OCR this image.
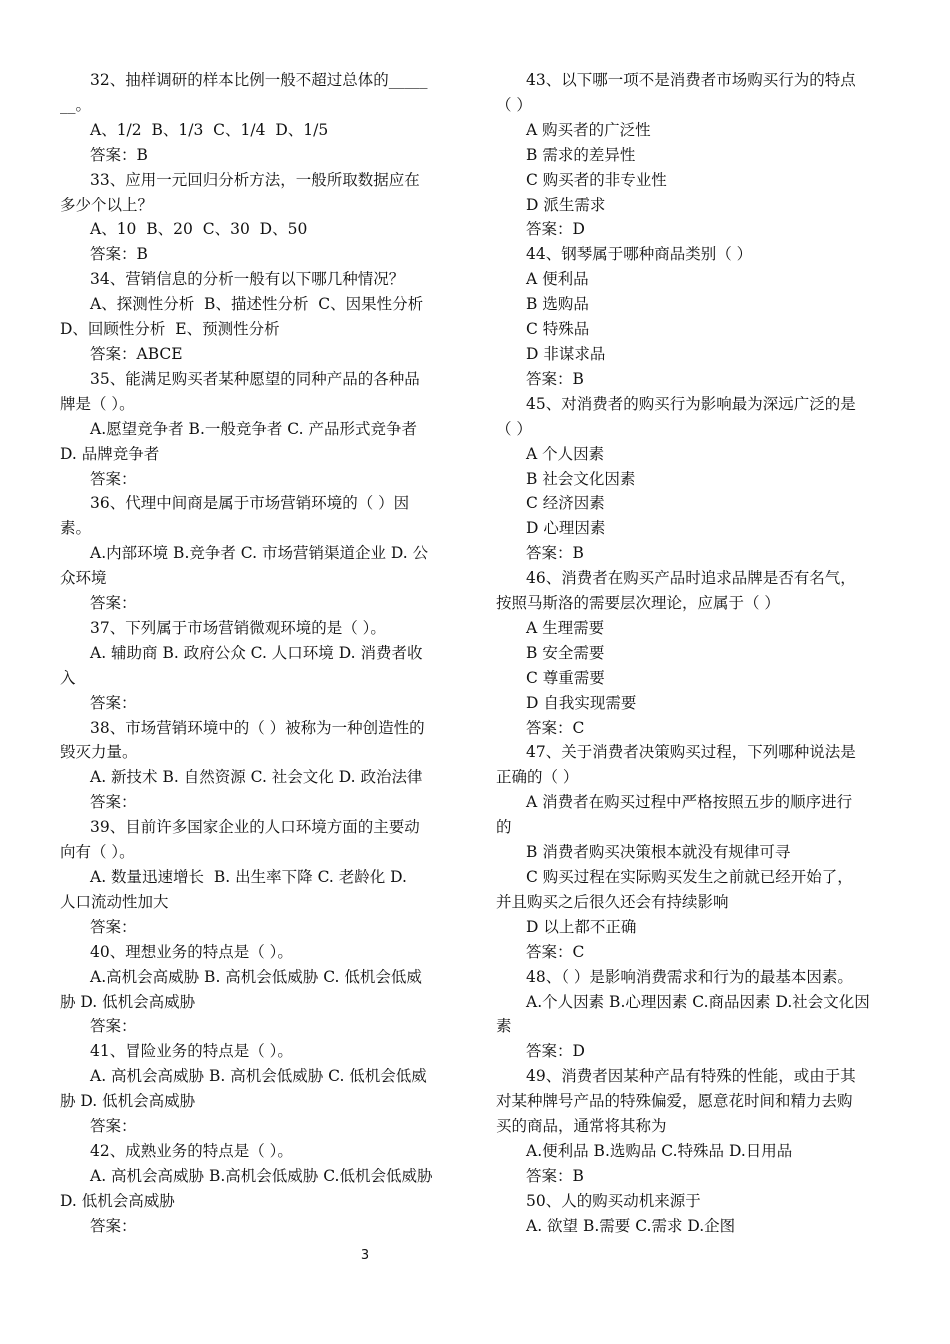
32、抽样调研的样本比例一般不超过总体的_____
__。
A、1/2  B、1/3  C、1/4  D、1/5
答案：B
33、应用一元回归分析方法，一般所取数据应在
多少个以上？
A、10  B、20  C、30  D、50
答案：B
34、营销信息的分析一般有以下哪几种情况？
A、探测性分析  B、描述性分析  C、因果性分析
D、回顾性分析  E、预测性分析
答案：ABCE
35、能满足购买者某种愿望的同种产品的各种品
牌是（ ）。
A.愿望竞争者 B.一般竞争者 C. 产品形式竞争者
D. 品牌竞争者
答案：
36、代理中间商是属于市场营销环境的（ ）因
素。
A.内部环境 B.竞争者 C. 市场营销渠道企业 D. 公
众环境
答案：
37、下列属于市场营销微观环境的是（ ）。
A. 辅助商 B. 政府公众 C. 人口环境 D. 消费者收
入
答案：
38、市场营销环境中的（ ）被称为一种创造性的
毁灭力量。
A. 新技术 B. 自然资源 C. 社会文化 D. 政治法律
答案：
39、目前许多国家企业的人口环境方面的主要动
向有（ ）。
A. 数量迅速增长  B. 出生率下降 C. 老龄化 D.
人口流动性加大
答案：
40、理想业务的特点是（ ）。
A.高机会高威胁 B. 高机会低威胁 C. 低机会低威
胁 D. 低机会高威胁
答案：
41、冒险业务的特点是（ ）。
A. 高机会高威胁 B. 高机会低威胁 C. 低机会低威
胁 D. 低机会高威胁
答案：
42、成熟业务的特点是（ ）。
A. 高机会高威胁 B.高机会低威胁 C.低机会低威胁
D. 低机会高威胁
答案：
43、以下哪一项不是消费者市场购买行为的特点
（ ）
A 购买者的广泛性
B 需求的差异性
C 购买者的非专业性
D 派生需求
答案：D
44、钢琴属于哪种商品类别（ ）
A 便利品
B 选购品
C 特殊品
D 非谋求品
答案：B
45、对消费者的购买行为影响最为深远广泛的是
（ ）
A 个人因素
B 社会文化因素
C 经济因素
D 心理因素
答案：B
46、消费者在购买产品时追求品牌是否有名气，
按照马斯洛的需要层次理论，应属于（ ）
A 生理需要
B 安全需要
C 尊重需要
D 自我实现需要
答案：C
47、关于消费者决策购买过程，下列哪种说法是
正确的（ ）
A 消费者在购买过程中严格按照五步的顺序进行
的
B 消费者购买决策根本就没有规律可寻
C 购买过程在实际购买发生之前就已经开始了，
并且购买之后很久还会有持续影响
D 以上都不正确
答案：C
48、（ ）是影响消费需求和行为的最基本因素。
A.个人因素 B.心理因素 C.商品因素 D.社会文化因
素
答案：D
49、消费者因某种产品有特殊的性能，或由于其
对某种牌号产品的特殊偏爱，愿意花时间和精力去购
买的商品，通常将其称为
A.便利品 B.选购品 C.特殊品 D.日用品
答案：B
50、人的购买动机来源于
A. 欲望 B.需要 C.需求 D.企图
3
